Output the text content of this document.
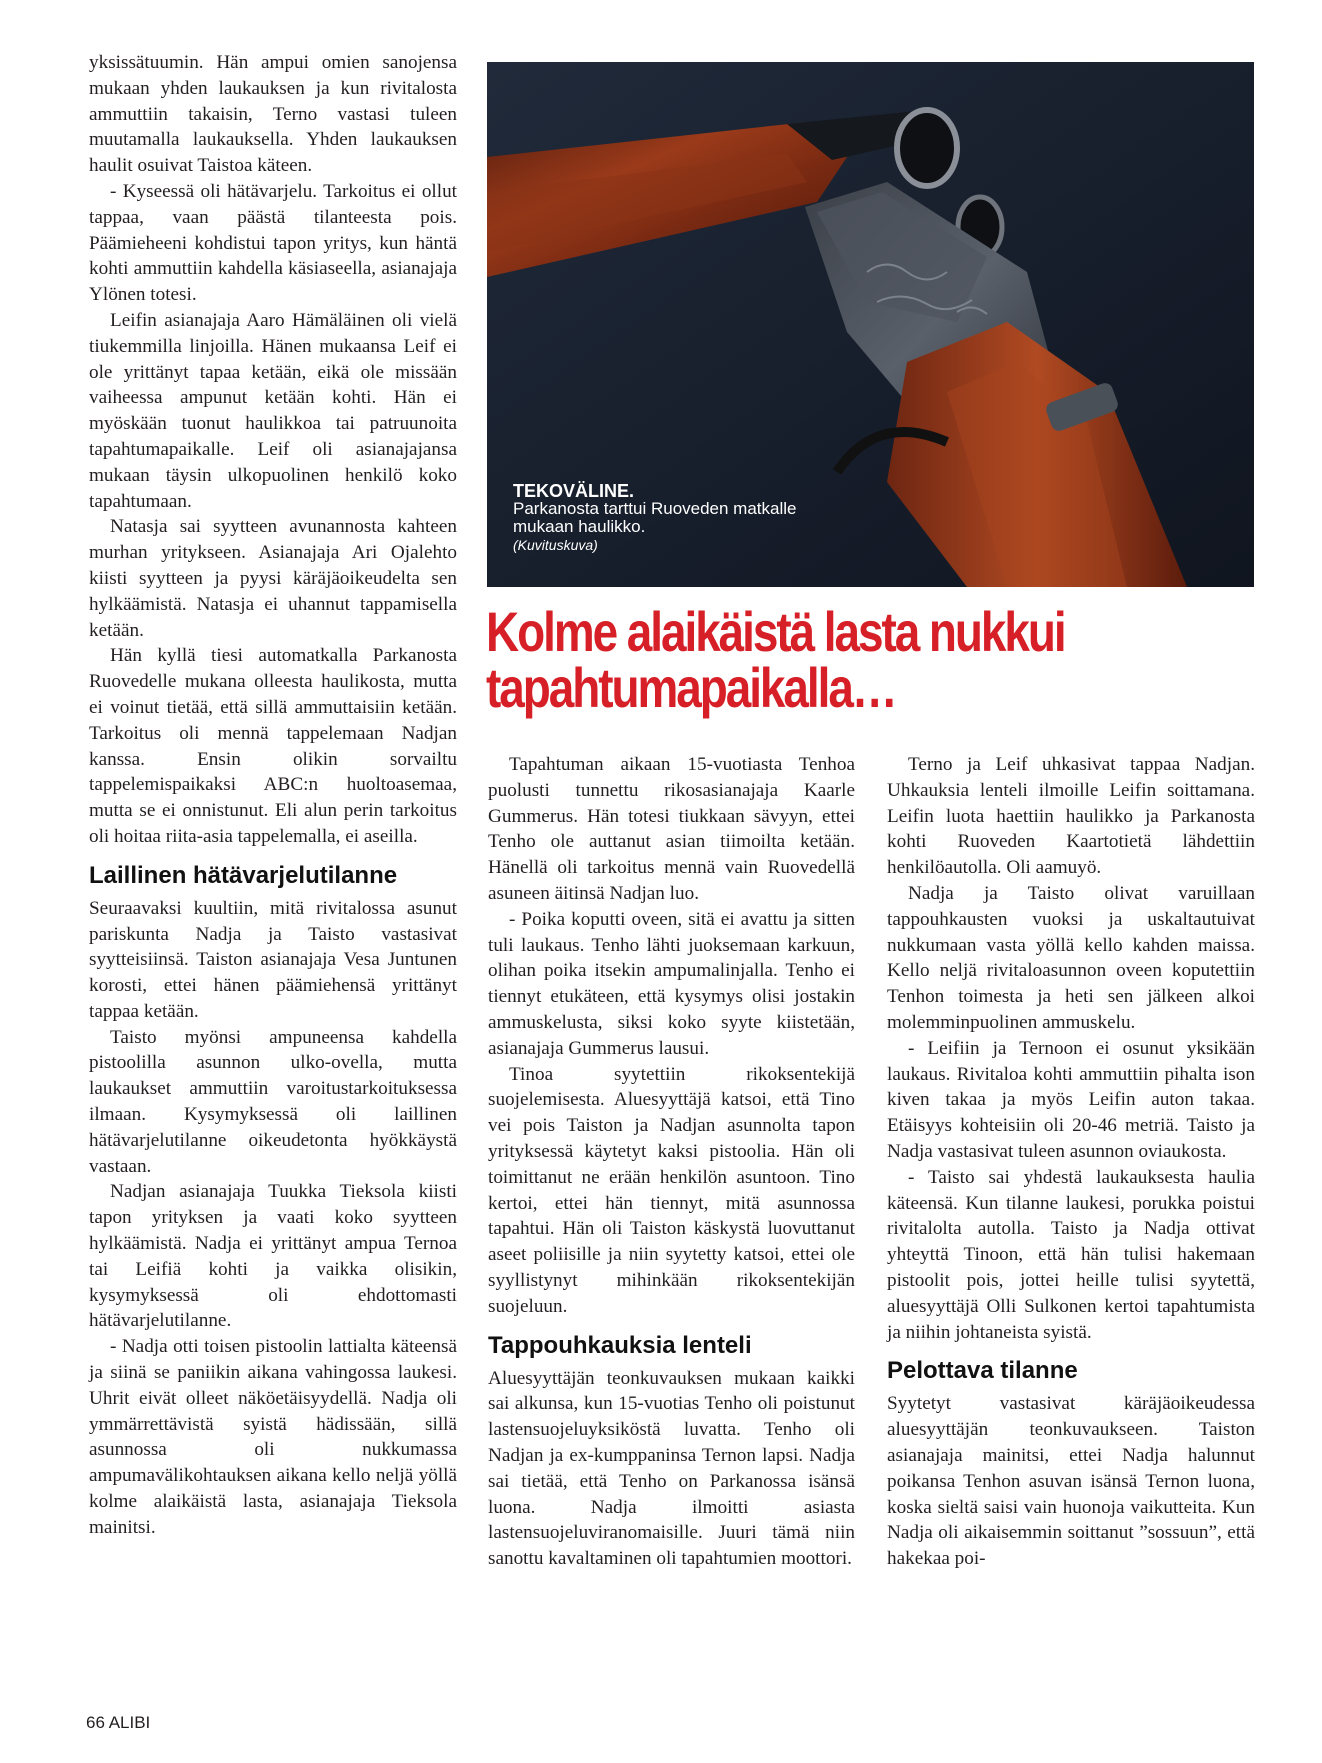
yksissätuumin. Hän ampui omien sanojensa mukaan yhden laukauksen ja kun rivitalosta ammuttiin takaisin, Terno vastasi tuleen muutamalla laukauksella. Yhden laukauksen haulit osuivat Taistoa käteen.

- Kyseessä oli hätävarjelu. Tarkoitus ei ollut tappaa, vaan päästä tilanteesta pois. Päämieheeni kohdistui tapon yritys, kun häntä kohti ammuttiin kahdella käsiaseella, asianajaja Ylönen totesi.

Leifin asianajaja Aaro Hämäläinen oli vielä tiukemmilla linjoilla. Hänen mukaansa Leif ei ole yrittänyt tapaa ketään, eikä ole missään vaiheessa ampunut ketään kohti. Hän ei myöskään tuonut haulikkoa tai patruunoita tapahtumapaikalle. Leif oli asianajajansa mukaan täysin ulkopuolinen henkilö koko tapahtumaan.

Natasja sai syytteen avunannosta kahteen murhan yritykseen. Asianajaja Ari Ojalehto kiisti syytteen ja pyysi käräjäoikeudelta sen hylkäämistä. Natasja ei uhannut tappamisella ketään.

Hän kyllä tiesi automatkalla Parkanosta Ruovedelle mukana olleesta haulikosta, mutta ei voinut tietää, että sillä ammuttaisiin ketään. Tarkoitus oli mennä tappelemaan Nadjan kanssa. Ensin olikin sorvailtu tappelemispaikaksi ABC:n huoltoasemaa, mutta se ei onnistunut. Eli alun perin tarkoitus oli hoitaa riita-asia tappelemalla, ei aseilla.

Laillinen hätävarjelutilanne

Seuraavaksi kuultiin, mitä rivitalossa asunut pariskunta Nadja ja Taisto vastasivat syytteisiinsä. Taiston asianajaja Vesa Juntunen korosti, ettei hänen päämiehensä yrittänyt tappaa ketään.

Taisto myönsi ampuneensa kahdella pistoolilla asunnon ulko-ovella, mutta laukaukset ammuttiin varoitustarkoituksessa ilmaan. Kysymyksessä oli laillinen hätävarjelutilanne oikeudetonta hyökkäystä vastaan.

Nadjan asianajaja Tuukka Tieksola kiisti tapon yrityksen ja vaati koko syytteen hylkäämistä. Nadja ei yrittänyt ampua Ternoa tai Leifiä kohti ja vaikka olisikin, kysymyksessä oli ehdottomasti hätävarjelutilanne.

- Nadja otti toisen pistoolin lattialta käteensä ja siinä se paniikin aikana vahingossa laukesi. Uhrit eivät olleet näköetäisyydellä. Nadja oli ymmärrettävistä syistä hädissään, sillä asunnossa oli nukkumassa ampumavälikohtauksen aikana kello neljä yöllä kolme alaikäistä lasta, asianajaja Tieksola mainitsi.

TEKOVÄLINE.
Parkanosta tarttui Ruoveden matkalle mukaan haulikko.
(Kuvituskuva)
Kolme alaikäistä lasta nukkui
tapahtumapaikalla…

Tapahtuman aikaan 15-vuotiasta Tenhoa puolusti tunnettu rikosasianajaja Kaarle Gummerus. Hän totesi tiukkaan sävyyn, ettei Tenho ole auttanut asian tiimoilta ketään. Hänellä oli tarkoitus mennä vain Ruovedellä asuneen äitinsä Nadjan luo.

- Poika koputti oveen, sitä ei avattu ja sitten tuli laukaus. Tenho lähti juoksemaan karkuun, olihan poika itsekin ampumalinjalla. Tenho ei tiennyt etukäteen, että kysymys olisi jostakin ammuskelusta, siksi koko syyte kiistetään, asianajaja Gummerus lausui.

Tinoa syytettiin rikoksentekijä suojelemisesta. Aluesyyttäjä katsoi, että Tino vei pois Taiston ja Nadjan asunnolta tapon yrityksessä käytetyt kaksi pistoolia. Hän oli toimittanut ne erään henkilön asuntoon. Tino kertoi, ettei hän tiennyt, mitä asunnossa tapahtui. Hän oli Taiston käskystä luovuttanut aseet poliisille ja niin syytetty katsoi, ettei ole syyllistynyt mihinkään rikoksentekijän suojeluun.

Tappouhkauksia lenteli

Aluesyyttäjän teonkuvauksen mukaan kaikki sai alkunsa, kun 15-vuotias Tenho oli poistunut lastensuojeluyksiköstä luvatta. Tenho oli Nadjan ja ex-kumppaninsa Ternon lapsi. Nadja sai tietää, että Tenho on Parkanossa isänsä luona. Nadja ilmoitti asiasta lastensuojeluviranomaisille. Juuri tämä niin sanottu kavaltaminen oli tapahtumien moottori.

Terno ja Leif uhkasivat tappaa Nadjan. Uhkauksia lenteli ilmoille Leifin soittamana. Leifin luota haettiin haulikko ja Parkanosta kohti Ruoveden Kaartotietä lähdettiin henkilöautolla. Oli aamuyö.

Nadja ja Taisto olivat varuillaan tappouhkausten vuoksi ja uskaltautuivat nukkumaan vasta yöllä kello kahden maissa. Kello neljä rivitaloasunnon oveen koputettiin Tenhon toimesta ja heti sen jälkeen alkoi molemminpuolinen ammuskelu.

- Leifiin ja Ternoon ei osunut yksikään laukaus. Rivitaloa kohti ammuttiin pihalta ison kiven takaa ja myös Leifin auton takaa. Etäisyys kohteisiin oli 20-46 metriä. Taisto ja Nadja vastasivat tuleen asunnon oviaukosta.

- Taisto sai yhdestä laukauksesta haulia käteensä. Kun tilanne laukesi, porukka poistui rivitalolta autolla. Taisto ja Nadja ottivat yhteyttä Tinoon, että hän tulisi hakemaan pistoolit pois, jottei heille tulisi syytettä, aluesyyttäjä Olli Sulkonen kertoi tapahtumista ja niihin johtaneista syistä.

Pelottava tilanne

Syytetyt vastasivat käräjäoikeudessa aluesyyttäjän teonkuvaukseen. Taiston asianajaja mainitsi, ettei Nadja halunnut poikansa Tenhon asuvan isänsä Ternon luona, koska sieltä saisi vain huonoja vaikutteita. Kun Nadja oli aikaisemmin soittanut ”sossuun”, että hakekaa poi-

66 ALIBI
